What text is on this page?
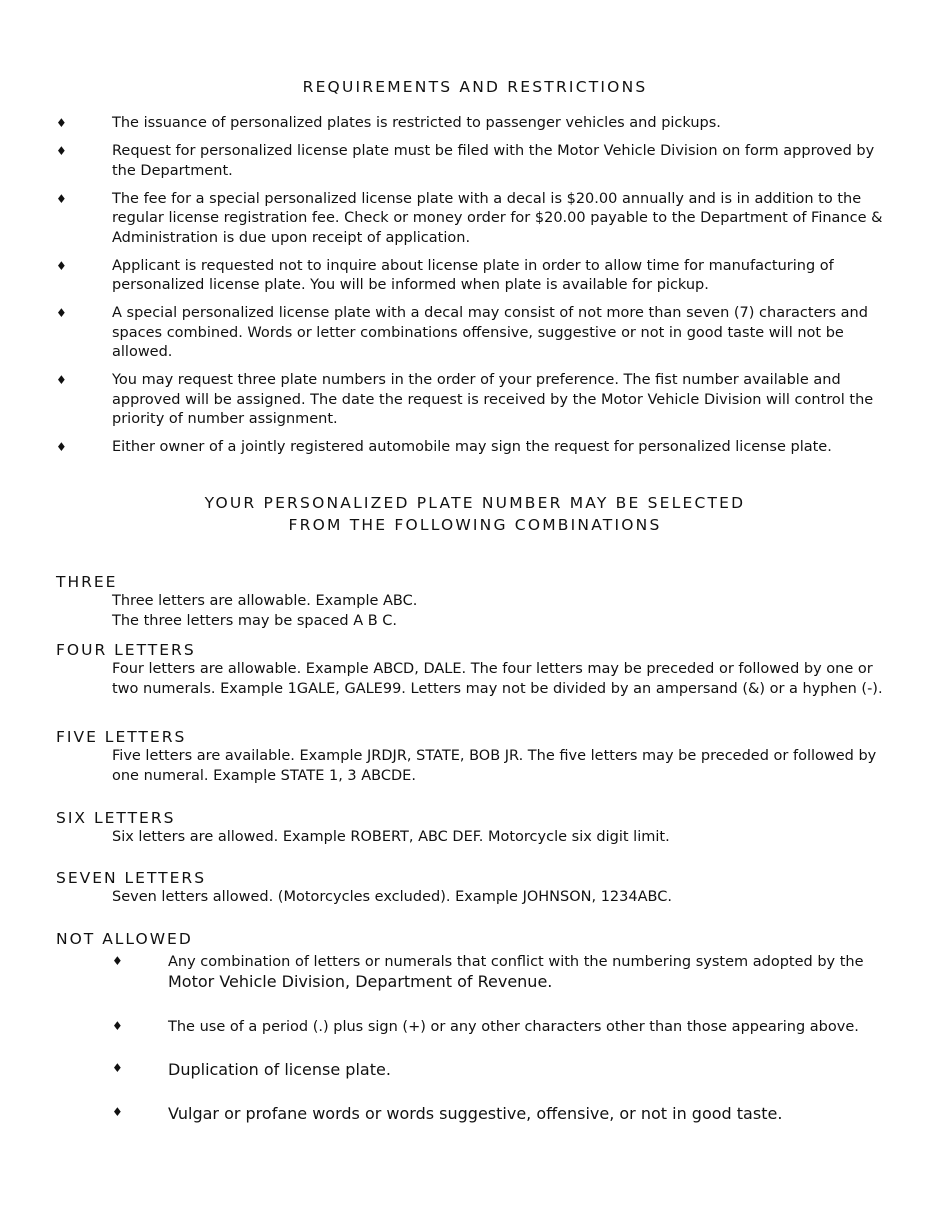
REQUIREMENTS AND RESTRICTIONS
♦	The issuance of personalized plates is restricted to passenger vehicles and pickups.
♦	Request for personalized license plate must be filed with the Motor Vehicle Division on form approved by the Department.
♦	The fee for a special personalized license plate with a decal is $20.00 annually and is in addition to the regular license registration fee. Check or money order for $20.00 payable to the Department of Finance & Administration is due upon receipt of application.
♦	Applicant is requested not to inquire about license plate in order to allow time for manufacturing of personalized license plate. You will be informed when plate is available for pickup.
♦	A special personalized license plate with a decal may consist of not more than seven (7) characters and spaces combined. Words or letter combinations offensive, suggestive or not in good taste will not be allowed.
♦	You may request three plate numbers in the order of your preference. The fist number available and approved will be assigned. The date the request is received by the Motor Vehicle Division will control the priority of number assignment.
♦	Either owner of a jointly registered automobile may sign the request for personalized license plate.
YOUR PERSONALIZED PLATE NUMBER MAY BE SELECTED
FROM THE FOLLOWING COMBINATIONS
THREE

Three letters are allowable. Example ABC.

The three letters may be spaced A B C.

FOUR LETTERS

Four letters are allowable. Example ABCD, DALE. The four letters may be preceded or followed by one or two numerals. Example 1GALE, GALE99. Letters may not be divided by an ampersand (&) or a hyphen (-).

FIVE LETTERS

Five letters are available. Example JRDJR, STATE, BOB JR. The five letters may be preceded or followed by one numeral. Example STATE 1, 3 ABCDE.

SIX LETTERS

Six letters are allowed. Example ROBERT, ABC DEF. Motorcycle six digit limit.

SEVEN LETTERS

Seven letters allowed. (Motorcycles excluded). Example JOHNSON, 1234ABC.

NOT ALLOWED
♦	Any combination of letters or numerals that conflict with the numbering system adopted by the
Motor Vehicle Division, Department of Revenue.
♦	The use of a period (.) plus sign (+) or any other characters other than those appearing above.
♦	Duplication of license plate.
♦	Vulgar or profane words or words suggestive, offensive, or not in good taste.
